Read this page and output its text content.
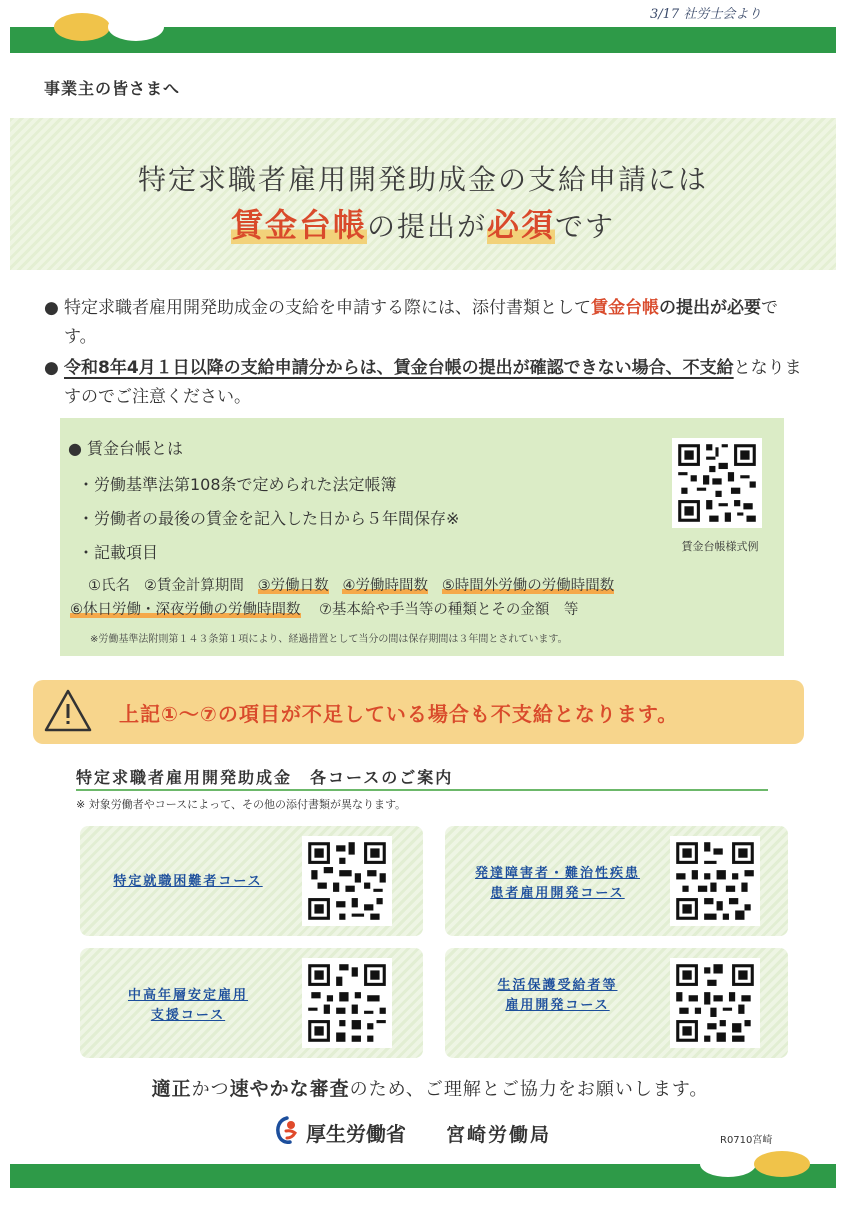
3/17 社労士会より
事業主の皆さまへ
特定求職者雇用開発助成金の支給申請には
賃金台帳の提出が必須です
● 特定求職者雇用開発助成金の支給を申請する際には、添付書類として賃金台帳の提出が必要です。
● 令和8年4月１日以降の支給申請分からは、賃金台帳の提出が確認できない場合、不支給となりますのでご注意ください。
● 賃金台帳とは
・労働基準法第108条で定められた法定帳簿
・労働者の最後の賃金を記入した日から５年間保存※
・記載項目	賃金台帳様式例
①氏名 ②賃金計算期間 ③労働日数 ④労働時間数 ⑤時間外労働の労働時間数
⑥休日労働・深夜労働の労働時間数 ⑦基本給や手当等の種類とその金額　等
※労働基準法附則第１４３条第１項により、経過措置として当分の間は保存期間は３年間とされています。
上記①～⑦の項目が不足している場合も不支給となります。
特定求職者雇用開発助成金　各コースのご案内
※ 対象労働者やコースによって、その他の添付書類が異なります。
特定就職困難者コース
発達障害者・難治性疾患
患者雇用開発コース
中高年層安定雇用
支援コース
生活保護受給者等
雇用開発コース
適正かつ速やかな審査のため、ご理解とご協力をお願いします。
厚生労働省 宮崎労働局	R0710宮崎
